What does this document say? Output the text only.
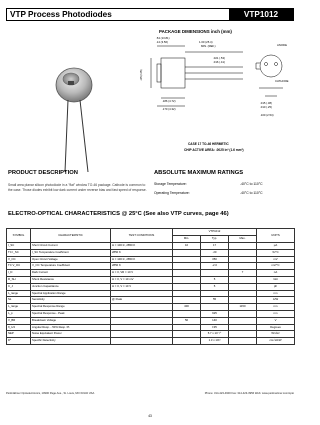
VTP Process Photodiodes	VTP1012
PACKAGE DIMENSIONS inch (mm)
.54 (13.81)
.14 (3.56)	1.00 (25.4)
MIN. (REF.)
.021 (.53)
.016 (.41)
.195 (4.95)
.186 (4.72)
.170 (4.32)
.015 (.38)
.010 (.25)
.100 (2.54)
ANODE
CATHODE
CASE 17 TO-46 HERMETIC
CHIP ACTIVE AREA: .0025 in² (1.6 mm²)
PRODUCT DESCRIPTION
Small area planar silicon photodiode in a "flat" window TO-46 package. Cathode is common to the case. Those diodes exhibit low dark current under reverse bias and fast speed of response.
ABSOLUTE MAXIMUM RATINGS
Storage Temperature:	-40°C to 110°C
Operating Temperature:	-40°C to 110°C
ELECTRO-OPTICAL CHARACTERISTICS @ 25°C (See also VTP curves, page 46)
SYMBOL	CHARACTERISTIC	TEST CONDITIONS	VTP1012			UNITS
			Min.	Typ.	Max.	
I_SC	Short Circuit Current	H = 100 fc, 2850 K	10	17		µA
TC I_SC	I_SC Temperature Coefficient	2850 K		.20		%/°C
V_OC	Open Circuit Voltage	H = 100 fc, 2850 K		350		mV
TC V_OC	V_OC Temperature Coefficient	2850 K		-2.0		mV/°C
I_D	Dark Current	H = 0, VR = 10 V			7	nA
R_SH	Shunt Resistance	H = 0, V = 10 mV		5		GΩ
C_J	Junction Capacitance	H = 0, V = 10 V		5		pF
λ_range	Spectral Application Range					nm
Sλ	Sensitivity	@ Peak		55		A/W
λ_range	Spectral Response Range		400		1150	nm
λ_p	Spectral Response - Peak			925		nm
V_BR	Breakdown Voltage		50	140		V
θ_1/2	Angular Resp. - 50% Resp. Pt.			±35		Degrees
NEP	Noise Equivalent Power			5.7 x 10⁻¹⁴		W/√Hz
D*	Specific Detectivity			1.3 x 10¹³		cm√Hz/W
PerkinElmer Optoelectronics, 10900 Page Ave., St. Louis, MO 63132 USA	Phone: 314-423-4900 Fax: 314-423-3956 Web: www.perkinelmer.com/opto
43
